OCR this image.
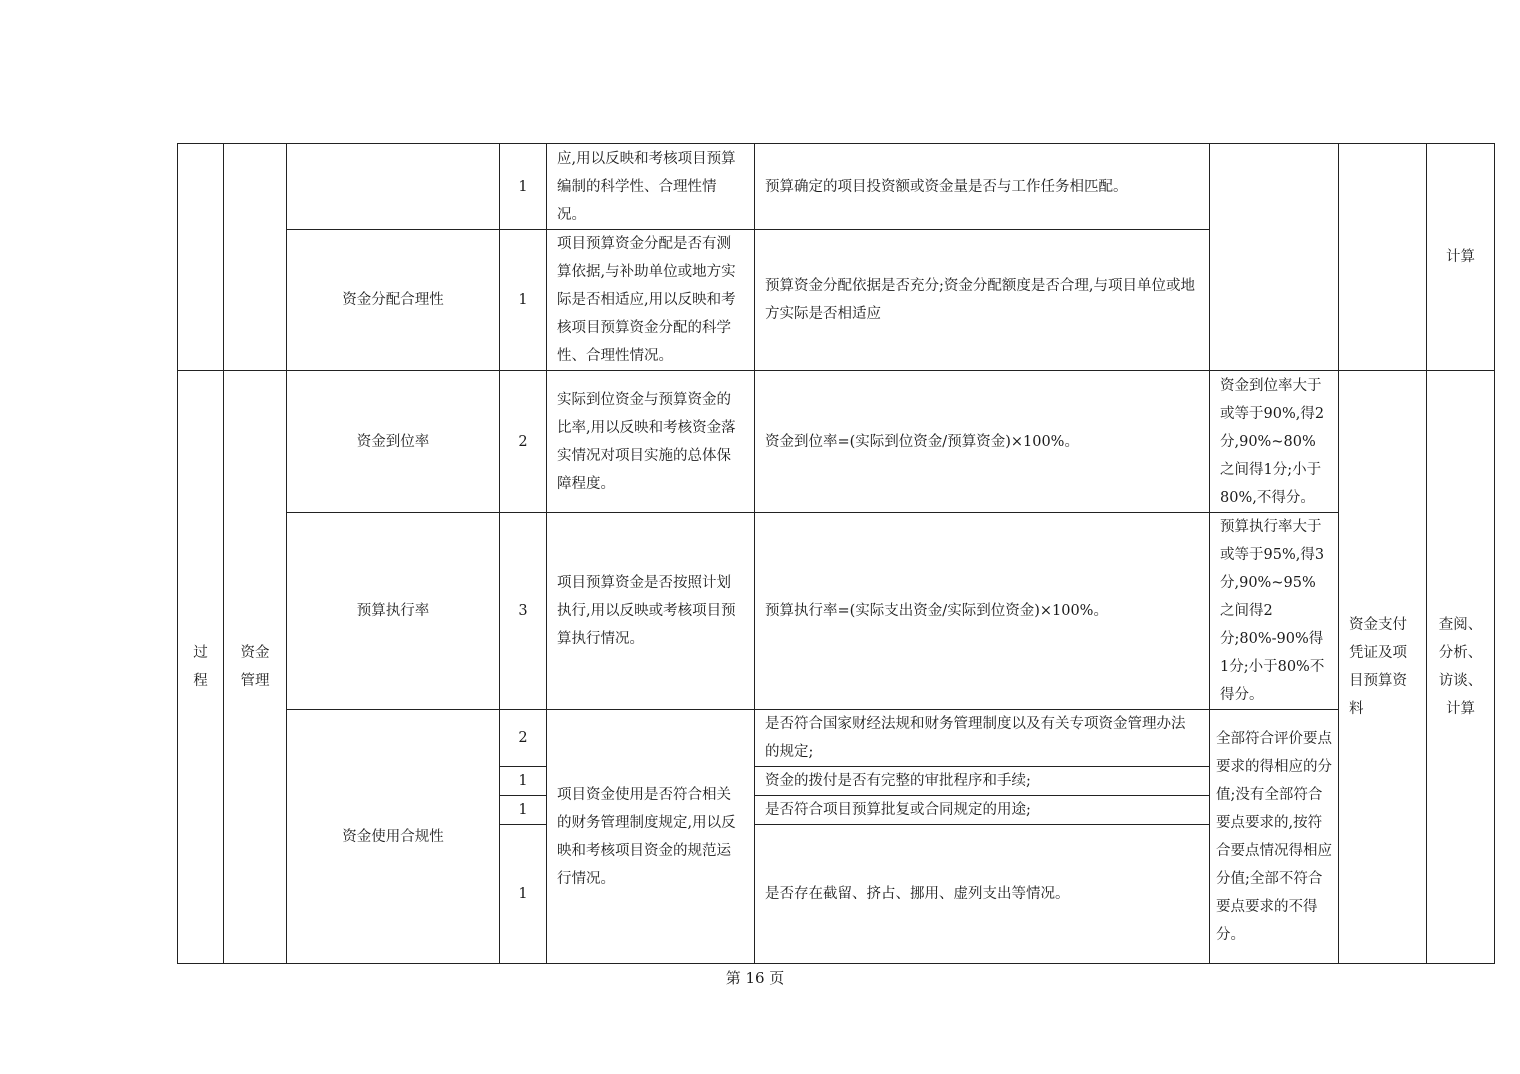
			1	应,用以反映和考核项目预算编制的科学性、合理性情况。	预算确定的项目投资额或资金量是否与工作任务相匹配。			计算
		资金分配合理性	1	项目预算资金分配是否有测算依据,与补助单位或地方实际是否相适应,用以反映和考核项目预算资金分配的科学性、合理性情况。	预算资金分配依据是否充分;资金分配额度是否合理,与项目单位或地方实际是否相适应			
过程	资金管理	资金到位率	2	实际到位资金与预算资金的比率,用以反映和考核资金落实情况对项目实施的总体保障程度。	资金到位率=(实际到位资金/预算资金)×100%。	资金到位率大于或等于90%,得2分,90%~80%之间得1分;小于80%,不得分。	资金支付凭证及项目预算资料	查阅、分析、访谈、计算
		预算执行率	3	项目预算资金是否按照计划执行,用以反映或考核项目预算执行情况。	预算执行率=(实际支出资金/实际到位资金)×100%。	预算执行率大于或等于95%,得3分,90%~95%之间得2分;80%-90%得1分;小于80%不得分。		
		资金使用合规性	2	项目资金使用是否符合相关的财务管理制度规定,用以反映和考核项目资金的规范运行情况。	是否符合国家财经法规和财务管理制度以及有关专项资金管理办法的规定;	全部符合评价要点要求的得相应的分值;没有全部符合要点要求的,按符合要点情况得相应分值;全部不符合要点要求的不得分。		
			1		资金的拨付是否有完整的审批程序和手续;			
			1		是否符合项目预算批复或合同规定的用途;			
			1		是否存在截留、挤占、挪用、虚列支出等情况。			
第 16 页
